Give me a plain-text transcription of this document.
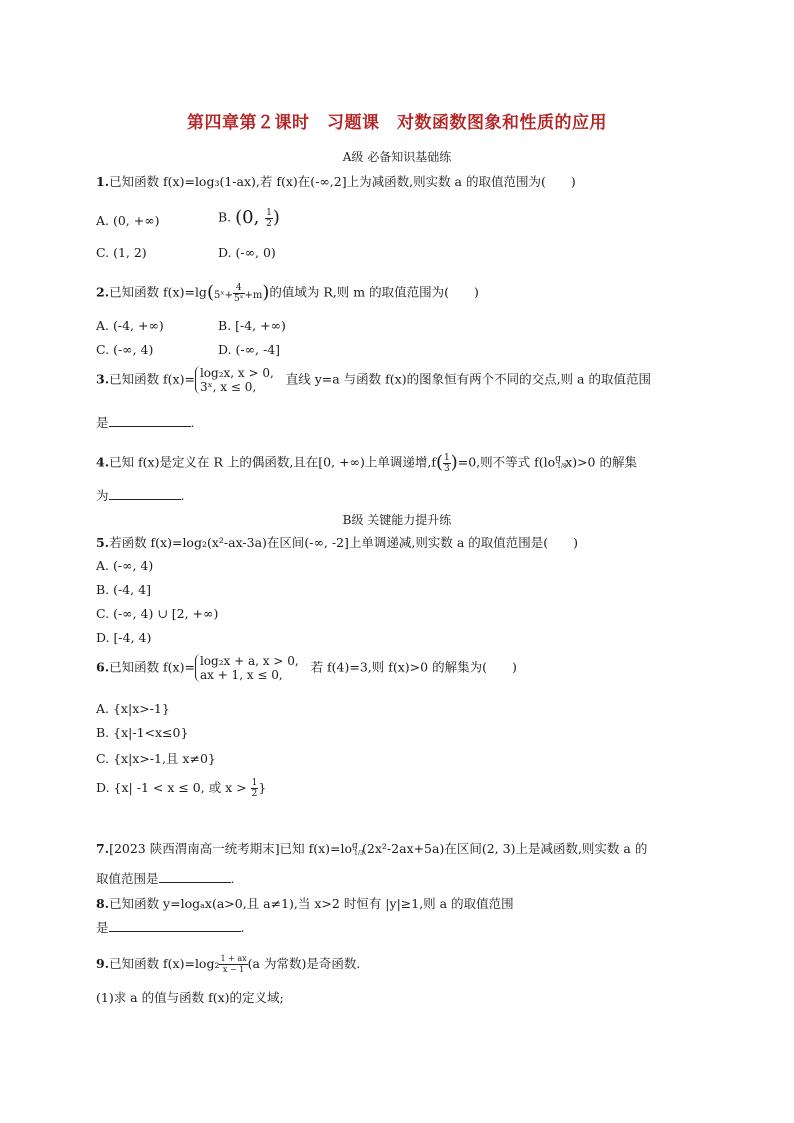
第四章第２课时　习题课　对数函数图象和性质的应用
A级 必备知识基础练
1.已知函数 f(x)=log₃(1-ax),若 f(x)在(-∞,2]上为减函数,则实数 a 的取值范围为(　　)
A. (0, +∞)	B. (0, $\frac{1}{2}$ )
C. (1, 2)	D. (-∞, 0)
2.已知函数 f(x)=lg(5ˣ+ $\frac{4}{\text{5ˣ}} +m$)的值域为 R,则 m 的取值范围为(　　)
A. (-4, +∞)	B. [-4, +∞)
C. (-∞, 4)	D. (-∞, -4]
3.已知函数 f(x)= log₂x, x > 0,
3ˣ, x ≤ 0,
直线 y=a 与函数 f(x)的图象恒有两个不同的交点,则 a 的取值范围
是	.
4.已知 f(x)是定义在 R 上的偶函数,且在[0, +∞)上单调递增$,f( \frac{1}{3} )=0$,则不等式 f(lo g
1/8
x)>0 的解集
为	.
B级 关键能力提升练
5.若函数 f(x)=log₂(x²-ax-3a)在区间(-∞, -2]上单调递减,则实数 a 的取值范围是(　　)
A. (-∞, 4)
B. (-4, 4]
C. (-∞, 4) ∪ [2, +∞)
D. [-4, 4)
6.已知函数 f(x)= log₂x + a, x > 0,
ax + 1, x ≤ 0,
若 f(4)=3,则 f(x)>0 的解集为(　　)
A. {x|x>-1}
B. {x|-1<x≤0}
C. {x|x>-1,且 x≠0}
D. {x| -1 < x ≤ 0, 或 $x > \frac{1}{2}$ }
7.[2023 陕西渭南高一统考期末]已知 f(x)=lo g
1/3
(2x²-2ax+5a)在区间(2, 3)上是减函数,则实数 a 的
取值范围是	.
8.已知函数 y=logₐx(a>0,且 a≠1),当 x>2 时恒有 |y|≥1,则 a 的取值范围
是	.
9.已知函数 $f(x)=\log_2 \frac{1 + ax}{x - 1} (a$ 为常数)是奇函数.
(1)求 a 的值与函数 f(x)的定义域;
